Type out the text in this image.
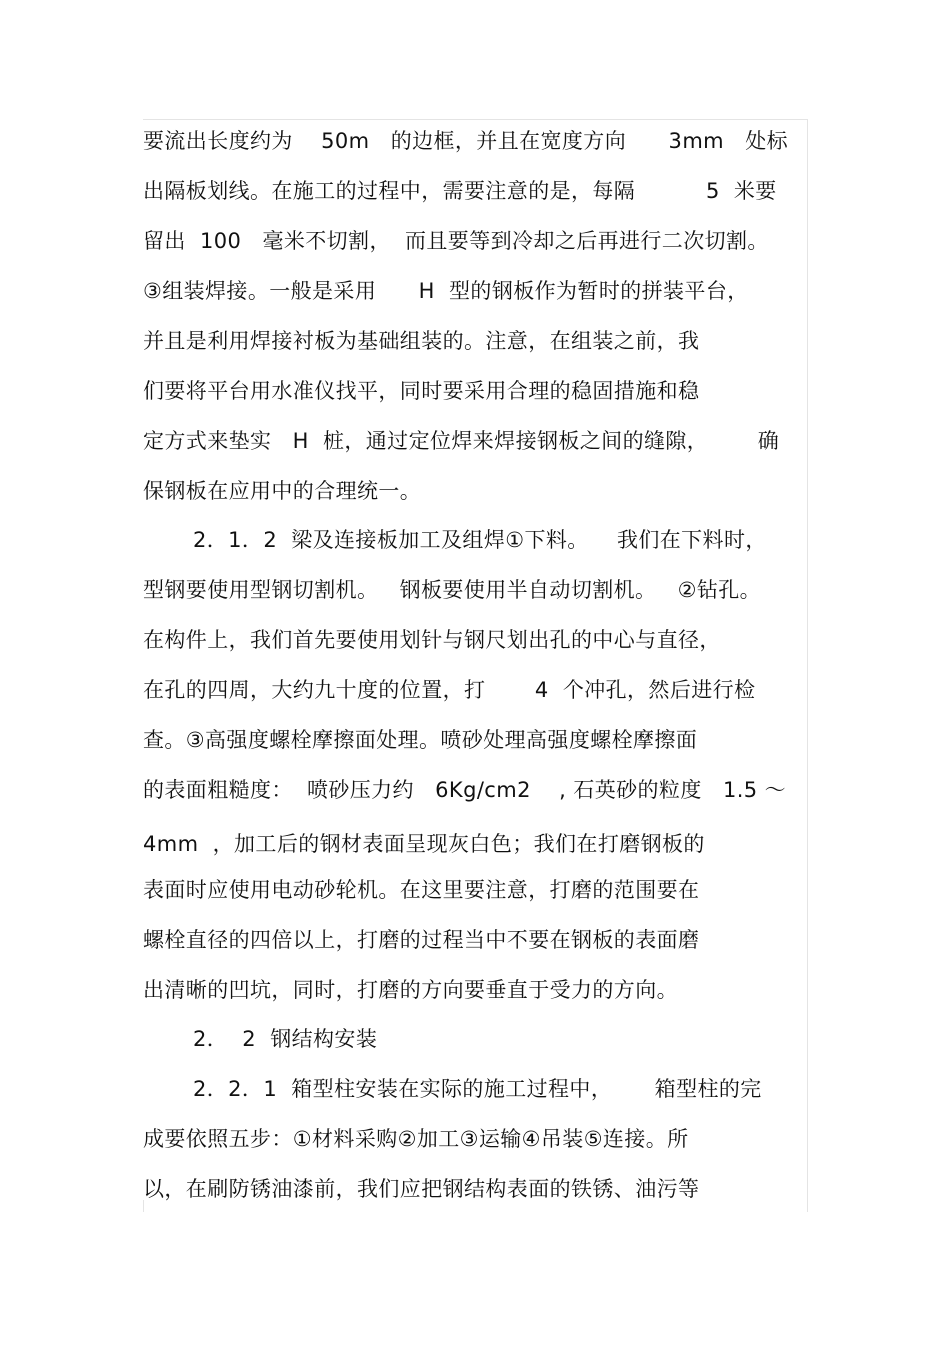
要流出长度约为    50m   的边框，并且在宽度方向      3mm   处标
出隔板划线。在施工的过程中，需要注意的是，每隔          5  米要
留出  100   毫米不切割，  而且要等到冷却之后再进行二次切割。
③组装焊接。一般是采用      H  型的钢板作为暂时的拼装平台，
并且是利用焊接衬板为基础组装的。注意，在组装之前，我
们要将平台用水准仪找平，同时要采用合理的稳固措施和稳
定方式来垫实   H  桩，通过定位焊来焊接钢板之间的缝隙，       确
保钢板在应用中的合理统一。
2．1．2  梁及连接板加工及组焊①下料。    我们在下料时，
型钢要使用型钢切割机。   钢板要使用半自动切割机。   ②钻孔。
在构件上，我们首先要使用划针与钢尺划出孔的中心与直径，
在孔的四周，大约九十度的位置，打       4  个冲孔，然后进行检
查。③高强度螺栓摩擦面处理。喷砂处理高强度螺栓摩擦面
的表面粗糙度：  喷砂压力约   6Kg/cm2    , 石英砂的粒度   1.5 ～
4mm  ，加工后的钢材表面呈现灰白色；我们在打磨钢板的
表面时应使用电动砂轮机。在这里要注意，打磨的范围要在
螺栓直径的四倍以上，打磨的过程当中不要在钢板的表面磨
出清晰的凹坑，同时，打磨的方向要垂直于受力的方向。
2．  2  钢结构安装
2．2．1  箱型柱安装在实际的施工过程中，      箱型柱的完
成要依照五步：①材料采购②加工③运输④吊装⑤连接。所
以，在刷防锈油漆前，我们应把钢结构表面的铁锈、油污等
